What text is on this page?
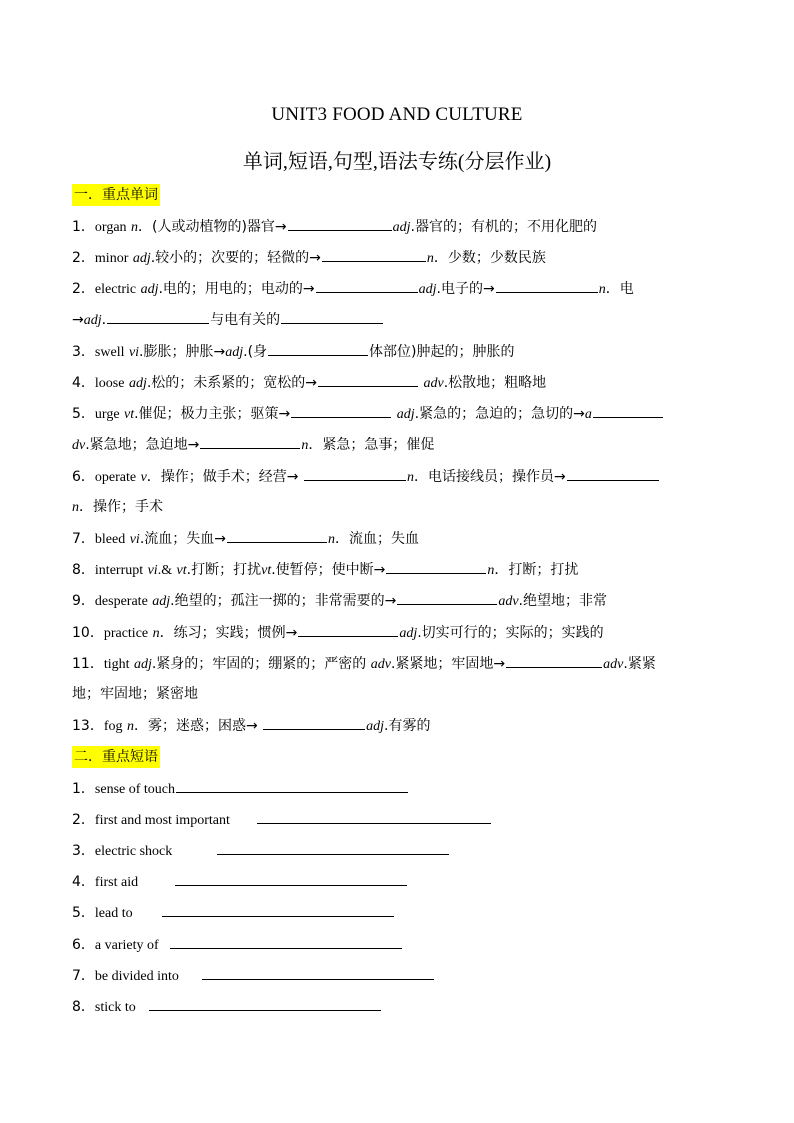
UNIT3 FOOD AND CULTURE
单词,短语,句型,语法专练(分层作业)
一．重点单词
1．organ n．(人或动植物的)器官→	adj.器官的；有机的；不用化肥的
2．minor adj.较小的；次要的；轻微的→	n．少数；少数民族
2．electric adj.电的；用电的；电动的→	adj.电子的→	n．电
→adj.	与电有关的
3．swell vi.膨胀；肿胀→adj.(身	体部位)肿起的；肿胀的
4．loose adj.松的；未系紧的；宽松的→	adv.松散地；粗略地
5．urge vt.催促；极力主张；驱策→	adj.紧急的；急迫的；急切的→a
dv.紧急地；急迫地→	n．紧急；急事；催促
6．operate v．操作；做手术；经营→	n．电话接线员；操作员→
n．操作；手术
7．bleed vi.流血；失血→	n．流血；失血
8．interrupt vi.& vt.打断；打扰vt.使暂停；使中断→	n．打断；打扰
9．desperate adj.绝望的；孤注一掷的；非常需要的→	adv.绝望地；非常
10．practice n．练习；实践；惯例→	adj.切实可行的；实际的；实践的
11．tight adj.紧身的；牢固的；绷紧的；严密的 adv.紧紧地；牢固地→	adv.紧紧
地；牢固地；紧密地
13．fog n．雾；迷惑；困惑→	adj.有雾的
二．重点短语
1．sense of touch
2．first and most important
3．electric shock
4．first aid
5．lead to
6．a variety of
7．be divided into
8．stick to
